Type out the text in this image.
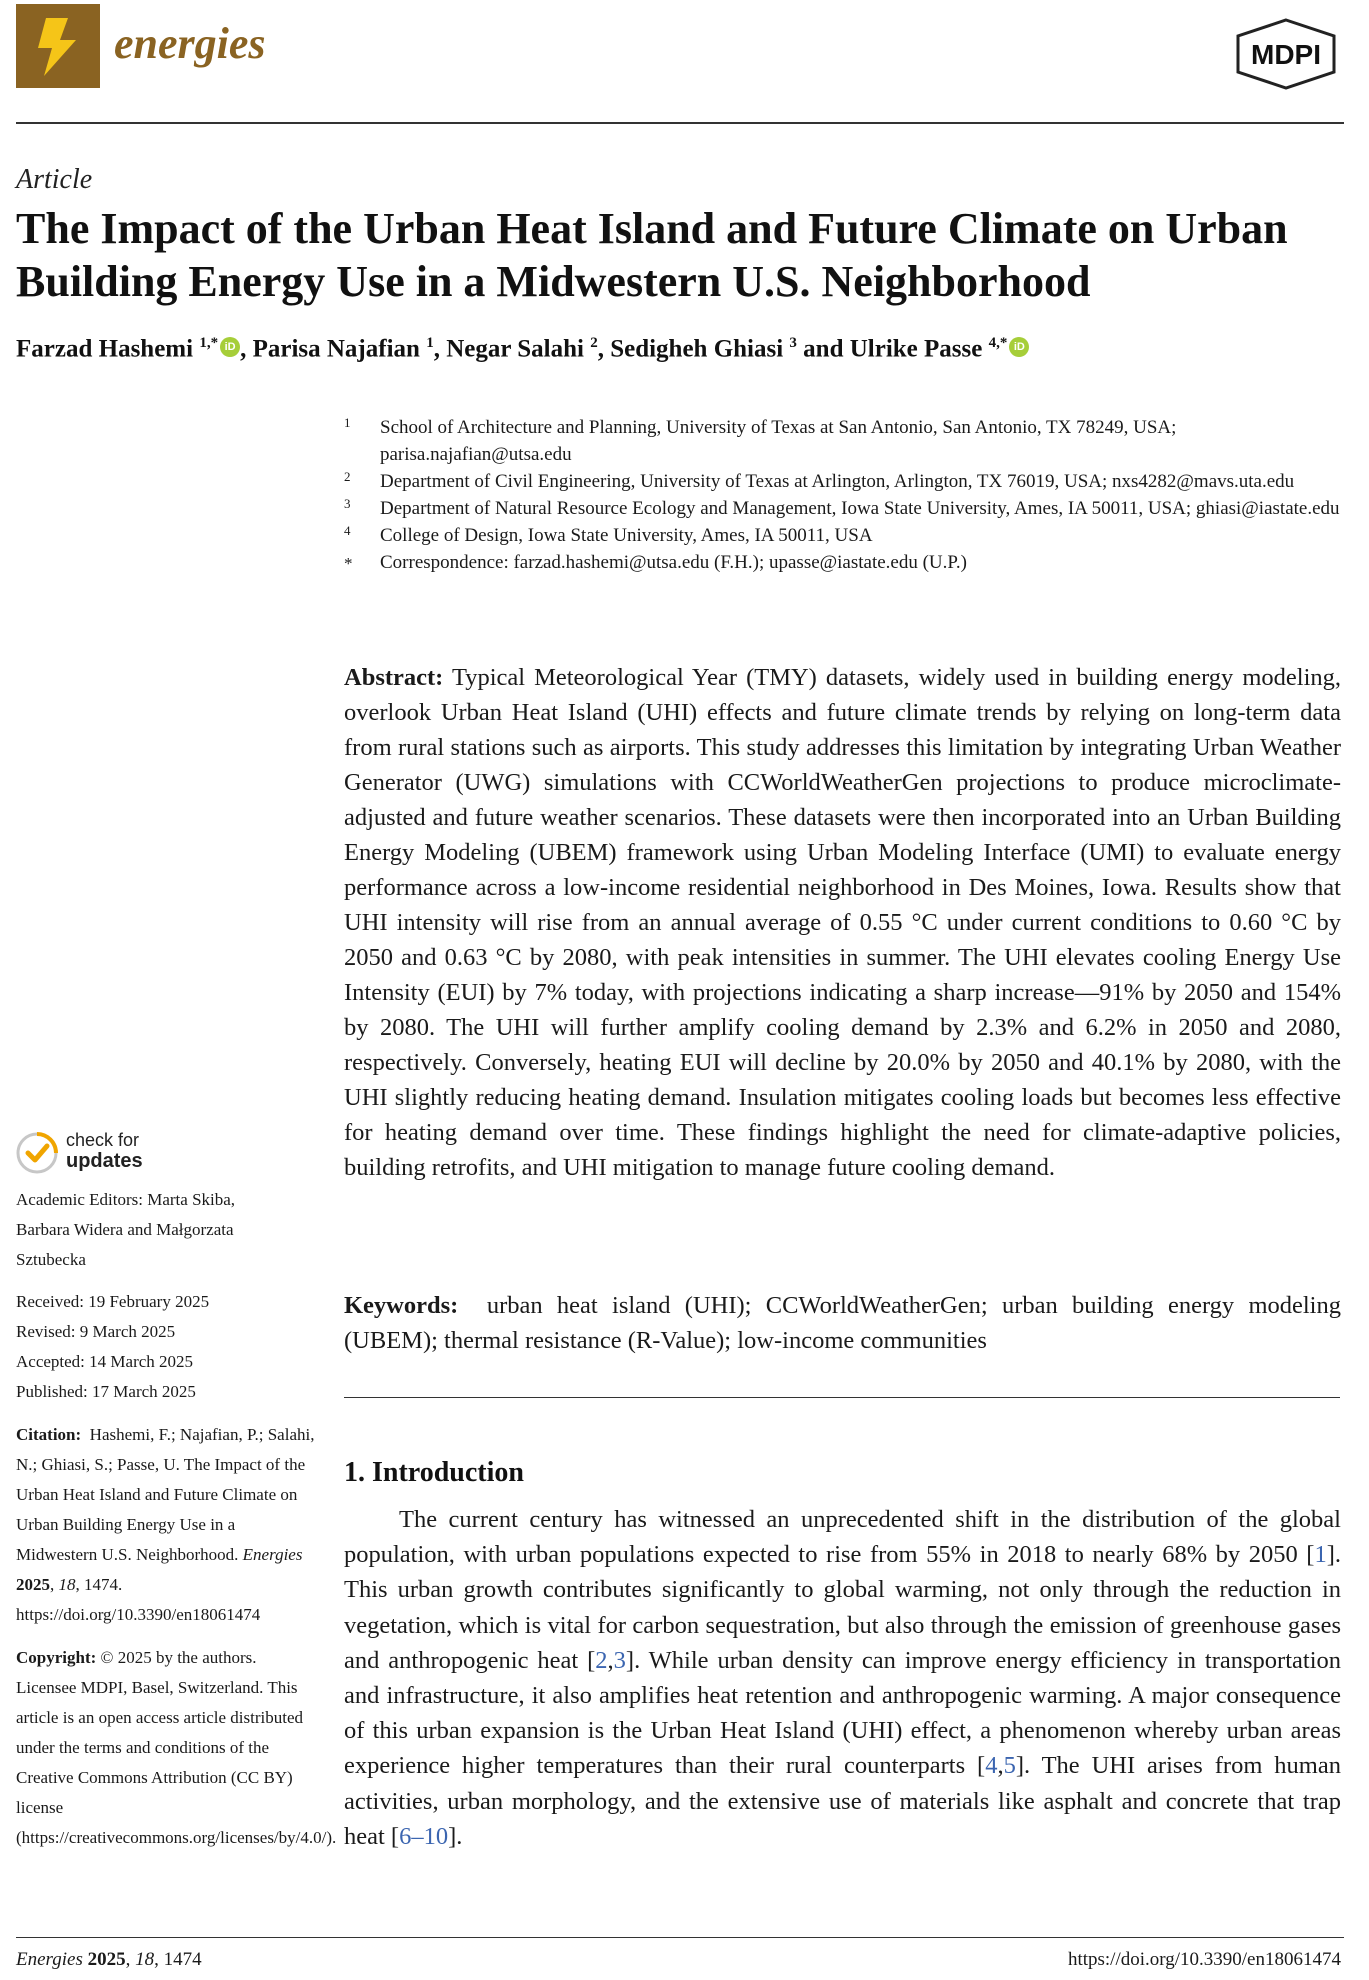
energies	MDPI
Article
The Impact of the Urban Heat Island and Future Climate on Urban Building Energy Use in a Midwestern U.S. Neighborhood
Farzad Hashemi $^{1,*}$ iD , Parisa Najafian $^1$, Negar Salahi $^2$, Sedigheh Ghiasi $^3$ and Ulrike Passe $^{4,*}$ iD
1 School of Architecture and Planning, University of Texas at San Antonio, San Antonio, TX 78249, USA; parisa.najafian@utsa.edu
2 Department of Civil Engineering, University of Texas at Arlington, Arlington, TX 76019, USA; nxs4282@mavs.uta.edu
3 Department of Natural Resource Ecology and Management, Iowa State University, Ames, IA 50011, USA; ghiasi@iastate.edu
4 College of Design, Iowa State University, Ames, IA 50011, USA
* Correspondence: farzad.hashemi@utsa.edu (F.H.); upasse@iastate.edu (U.P.)
Abstract: Typical Meteorological Year (TMY) datasets, widely used in building energy modeling, overlook Urban Heat Island (UHI) effects and future climate trends by relying on long-term data from rural stations such as airports. This study addresses this limitation by integrating Urban Weather Generator (UWG) simulations with CCWorldWeatherGen projections to produce microclimate-adjusted and future weather scenarios. These datasets were then incorporated into an Urban Building Energy Modeling (UBEM) framework using Urban Modeling Interface (UMI) to evaluate energy performance across a low-income residential neighborhood in Des Moines, Iowa. Results show that UHI intensity will rise from an annual average of 0.55 °C under current conditions to 0.60 °C by 2050 and 0.63 °C by 2080, with peak intensities in summer. The UHI elevates cooling Energy Use Intensity (EUI) by 7% today, with projections indicating a sharp increase—91% by 2050 and 154% by 2080. The UHI will further amplify cooling demand by 2.3% and 6.2% in 2050 and 2080, respectively. Conversely, heating EUI will decline by 20.0% by 2050 and 40.1% by 2080, with the UHI slightly reducing heating demand. Insulation mitigates cooling loads but becomes less effective for heating demand over time. These findings highlight the need for climate-adaptive policies, building retrofits, and UHI mitigation to manage future cooling demand.
Keywords: urban heat island (UHI); CCWorldWeatherGen; urban building energy modeling (UBEM); thermal resistance (R-Value); low-income communities
1. Introduction
The current century has witnessed an unprecedented shift in the distribution of the global population, with urban populations expected to rise from 55% in 2018 to nearly 68% by 2050 [1]. This urban growth contributes significantly to global warming, not only through the reduction in vegetation, which is vital for carbon sequestration, but also through the emission of greenhouse gases and anthropogenic heat [2,3]. While urban density can improve energy efficiency in transportation and infrastructure, it also amplifies heat retention and anthropogenic warming. A major consequence of this urban expansion is the Urban Heat Island (UHI) effect, a phenomenon whereby urban areas experience higher temperatures than their rural counterparts [4,5]. The UHI arises from human activities, urban morphology, and the extensive use of materials like asphalt and concrete that trap heat [6–10].
check for
updates
Academic Editors: Marta Skiba, Barbara Widera and Małgorzata Sztubecka
Received: 19 February 2025
Revised: 9 March 2025
Accepted: 14 March 2025
Published: 17 March 2025
Citation: Hashemi, F.; Najafian, P.; Salahi, N.; Ghiasi, S.; Passe, U. The Impact of the Urban Heat Island and Future Climate on Urban Building Energy Use in a Midwestern U.S. Neighborhood. Energies 2025, 18, 1474. https://doi.org/10.3390/en18061474
Copyright: © 2025 by the authors. Licensee MDPI, Basel, Switzerland. This article is an open access article distributed under the terms and conditions of the Creative Commons Attribution (CC BY) license (https://creativecommons.org/licenses/by/4.0/).
Energies 2025, 18, 1474	https://doi.org/10.3390/en18061474
